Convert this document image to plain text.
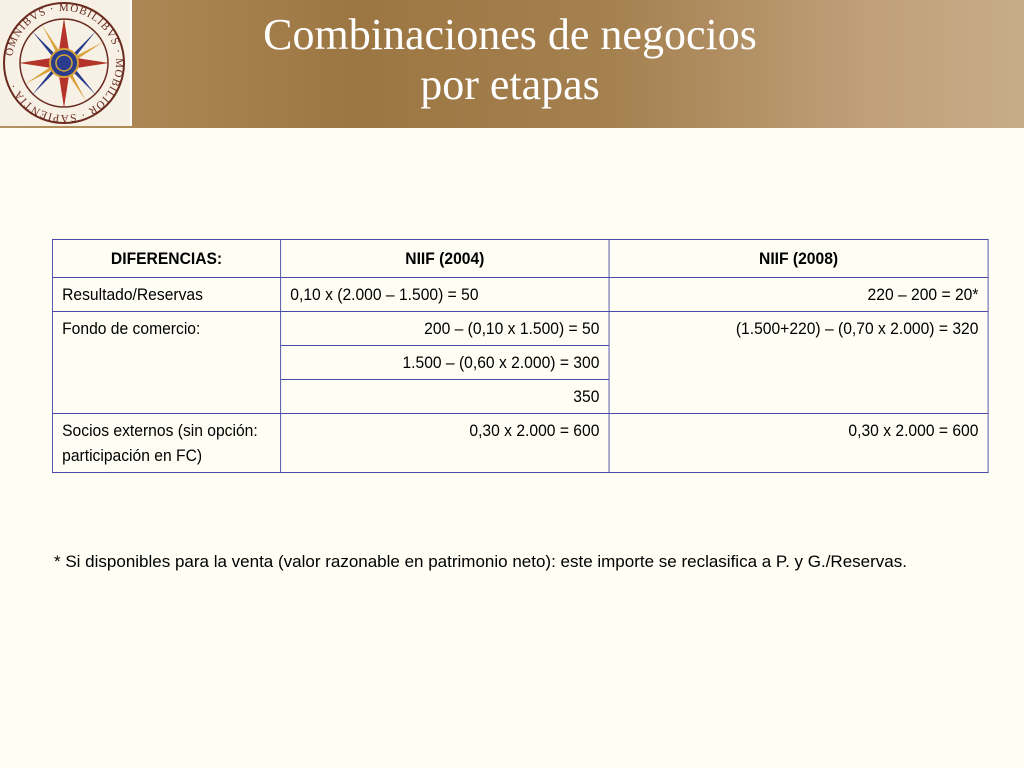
OMNIBVS · MOBILIBVS · MOBILIOR · SAPIENTIA ·
Combinaciones de negocios
por etapas
DIFERENCIAS:	NIIF (2004)	NIIF (2008)
Resultado/Reservas	0,10 x (2.000 – 1.500) = 50	220 – 200 = 20*
Fondo de comercio:	200 – (0,10 x 1.500) = 50	(1.500+220) – (0,70 x 2.000) = 320
	1.500 – (0,60 x 2.000) = 300	
	350	
Socios externos (sin opción: participación en FC)	0,30 x 2.000 = 600	0,30 x 2.000 = 600
* Si disponibles para la venta (valor razonable en patrimonio neto): este importe se reclasifica a P. y G./Reservas.
